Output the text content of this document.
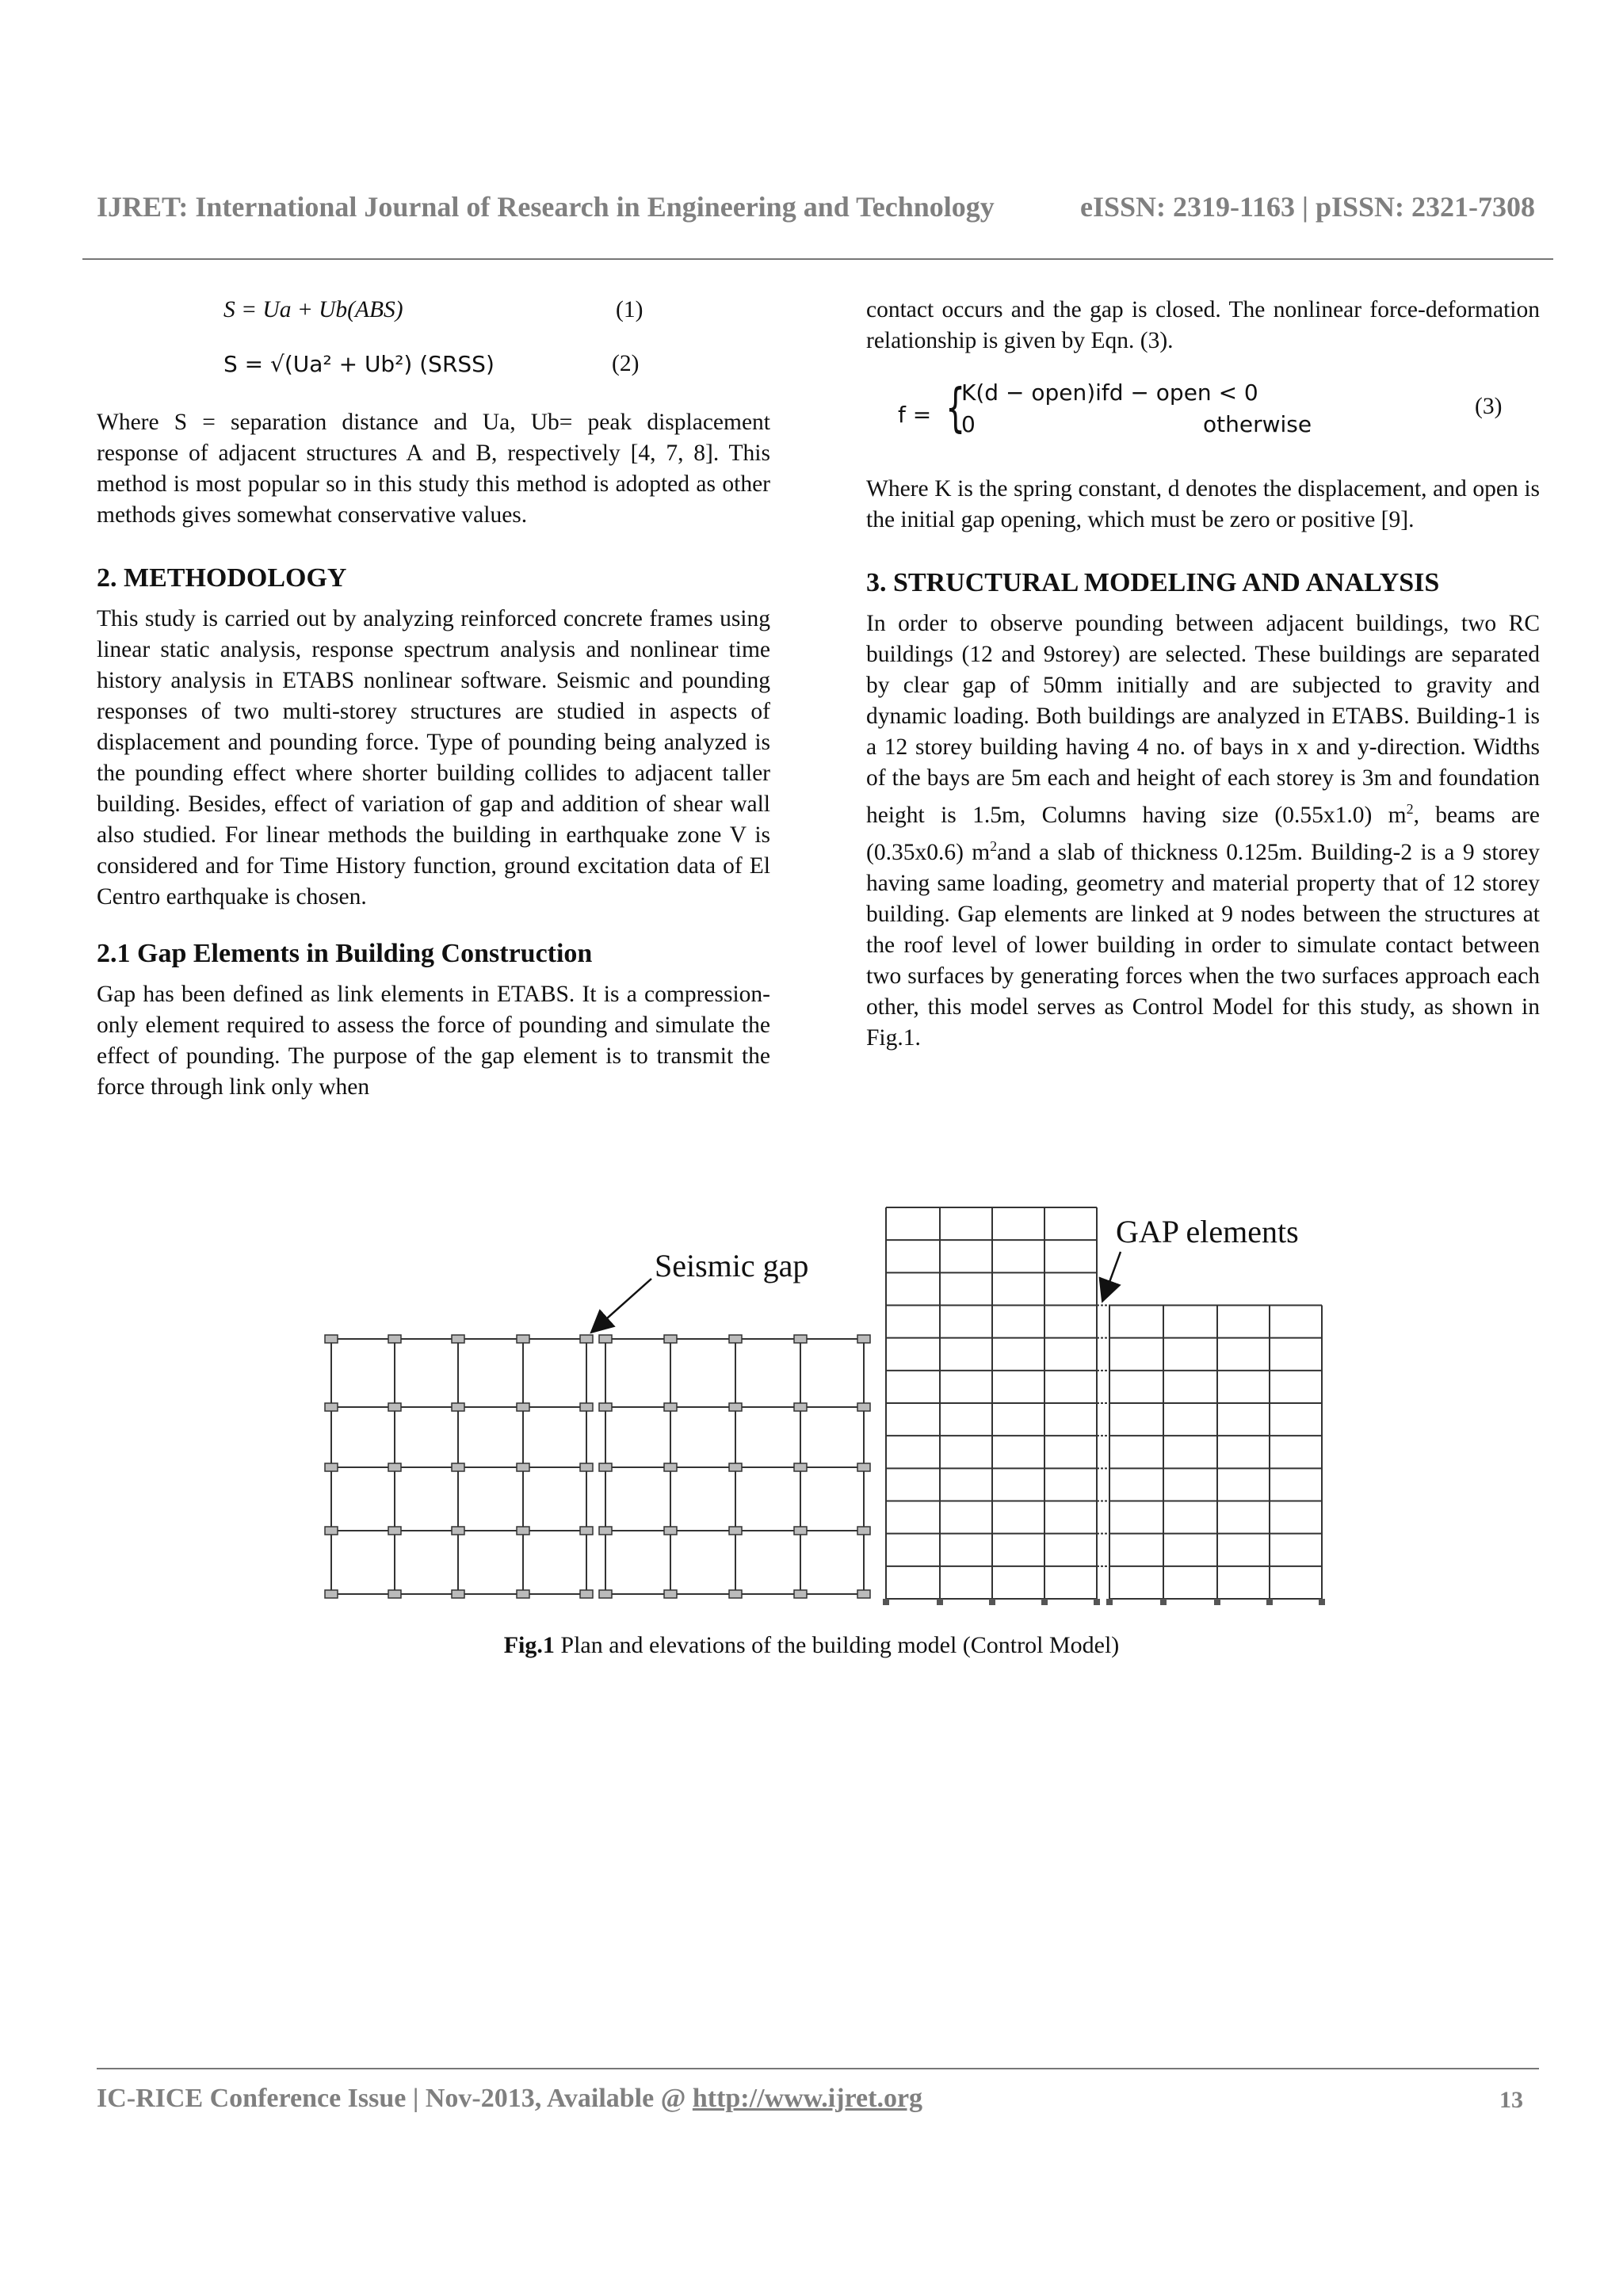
IJRET: International Journal of Research in Engineering and Technology	eISSN: 2319-1163 | pISSN: 2321-7308
S = Ua + Ub(ABS)	(1)
S = √(Ua² + Ub²) (SRSS)	(2)

Where S = separation distance and Ua, Ub= peak displacement response of adjacent structures A and B, respectively [4, 7, 8]. This method is most popular so in this study this method is adopted as other methods gives somewhat conservative values.

2. METHODOLOGY

This study is carried out by analyzing reinforced concrete frames using linear static analysis, response spectrum analysis and nonlinear time history analysis in ETABS nonlinear software. Seismic and pounding responses of two multi-storey structures are studied in aspects of displacement and pounding force. Type of pounding being analyzed is the pounding effect where shorter building collides to adjacent taller building. Besides, effect of variation of gap and addition of shear wall also studied. For linear methods the building in earthquake zone V is considered and for Time History function, ground excitation data of El Centro earthquake is chosen.

2.1 Gap Elements in Building Construction

Gap has been defined as link elements in ETABS. It is a compression-only element required to assess the force of pounding and simulate the effect of pounding. The purpose of the gap element is to transmit the force through link only when

contact occurs and the gap is closed. The nonlinear force-deformation relationship is given by Eqn. (3).

f = {
K(d − open)ifd − open < 0
0	otherwise
(3)

Where K is the spring constant, d denotes the displacement, and open is the initial gap opening, which must be zero or positive [9].

3. STRUCTURAL MODELING AND ANALYSIS

In order to observe pounding between adjacent buildings, two RC buildings (12 and 9storey) are selected. These buildings are separated by clear gap of 50mm initially and are subjected to gravity and dynamic loading. Both buildings are analyzed in ETABS. Building-1 is a 12 storey building having 4 no. of bays in x and y-direction. Widths of the bays are 5m each and height of each storey is 3m and foundation height is 1.5m, Columns having size (0.55x1.0) $m^2$, beams are (0.35x0.6) $m^2and$ a slab of thickness 0.125m. Building-2 is a 9 storey having same loading, geometry and material property that of 12 storey building. Gap elements are linked at 9 nodes between the structures at the roof level of lower building in order to simulate contact between two surfaces by generating forces when the two surfaces approach each other, this model serves as Control Model for this study, as shown in Fig.1.

Seismic gap
GAP elements
Fig.1 Plan and elevations of the building model (Control Model)
IC-RICE Conference Issue | Nov-2013, Available @ http://www.ijret.org	13
